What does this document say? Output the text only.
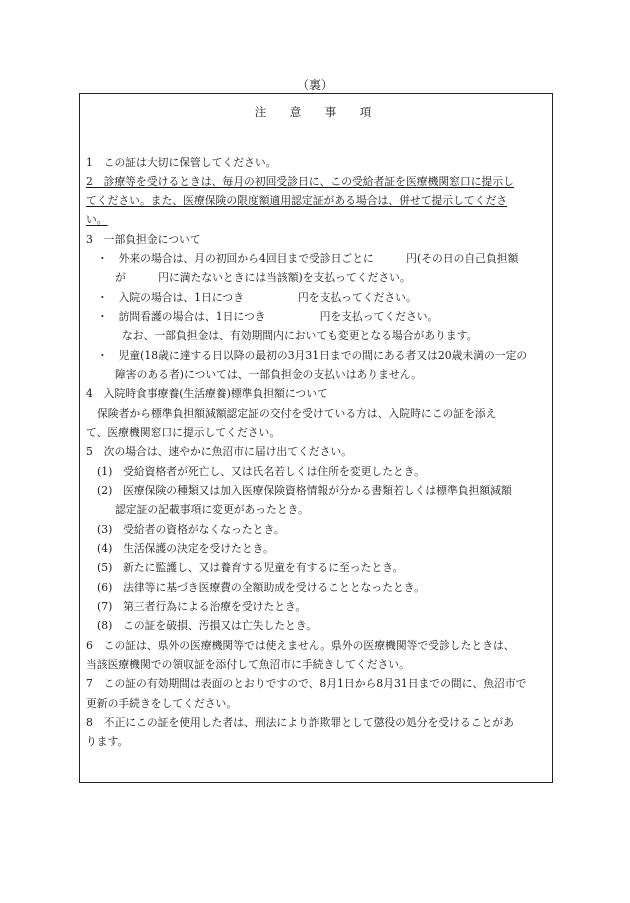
（裏）
注　意　事　項
1　この証は大切に保管してください。
2　診療等を受けるときは、毎月の初回受診日に、この受給者証を医療機関窓口に提示し
てください。また、医療保険の限度額適用認定証がある場合は、併せて提示してくださ
い。
3　一部負担金について
・　外来の場合は、月の初回から4回目まで受診日ごとに　　　円(その日の自己負担額
が　　　円に満たないときには当該額)を支払ってください。
・　入院の場合は、1日につき　　　　　円を支払ってください。
・　訪問看護の場合は、1日につき　　　　　円を支払ってください。
なお、一部負担金は、有効期間内においても変更となる場合があります。
・　児童(18歳に達する日以降の最初の3月31日までの間にある者又は20歳未満の一定の
障害のある者)については、一部負担金の支払いはありません。
4　入院時食事療養(生活療養)標準負担額について
保険者から標準負担額減額認定証の交付を受けている方は、入院時にこの証を添え
て、医療機関窓口に提示してください。
5　次の場合は、速やかに魚沼市に届け出てください。
(1)　受給資格者が死亡し、又は氏名若しくは住所を変更したとき。
(2)　医療保険の種類又は加入医療保険資格情報が分かる書類若しくは標準負担額減額
認定証の記載事項に変更があったとき。
(3)　受給者の資格がなくなったとき。
(4)　生活保護の決定を受けたとき。
(5)　新たに監護し、又は養育する児童を有するに至ったとき。
(6)　法律等に基づき医療費の全額助成を受けることとなったとき。
(7)　第三者行為による治療を受けたとき。
(8)　この証を破損、汚損又は亡失したとき。
6　この証は、県外の医療機関等では使えません。県外の医療機関等で受診したときは、
当該医療機関での領収証を添付して魚沼市に手続きしてください。
7　この証の有効期間は表面のとおりですので、8月1日から8月31日までの間に、魚沼市で
更新の手続きをしてください。
8　不正にこの証を使用した者は、刑法により詐欺罪として懲役の処分を受けることがあ
ります。
